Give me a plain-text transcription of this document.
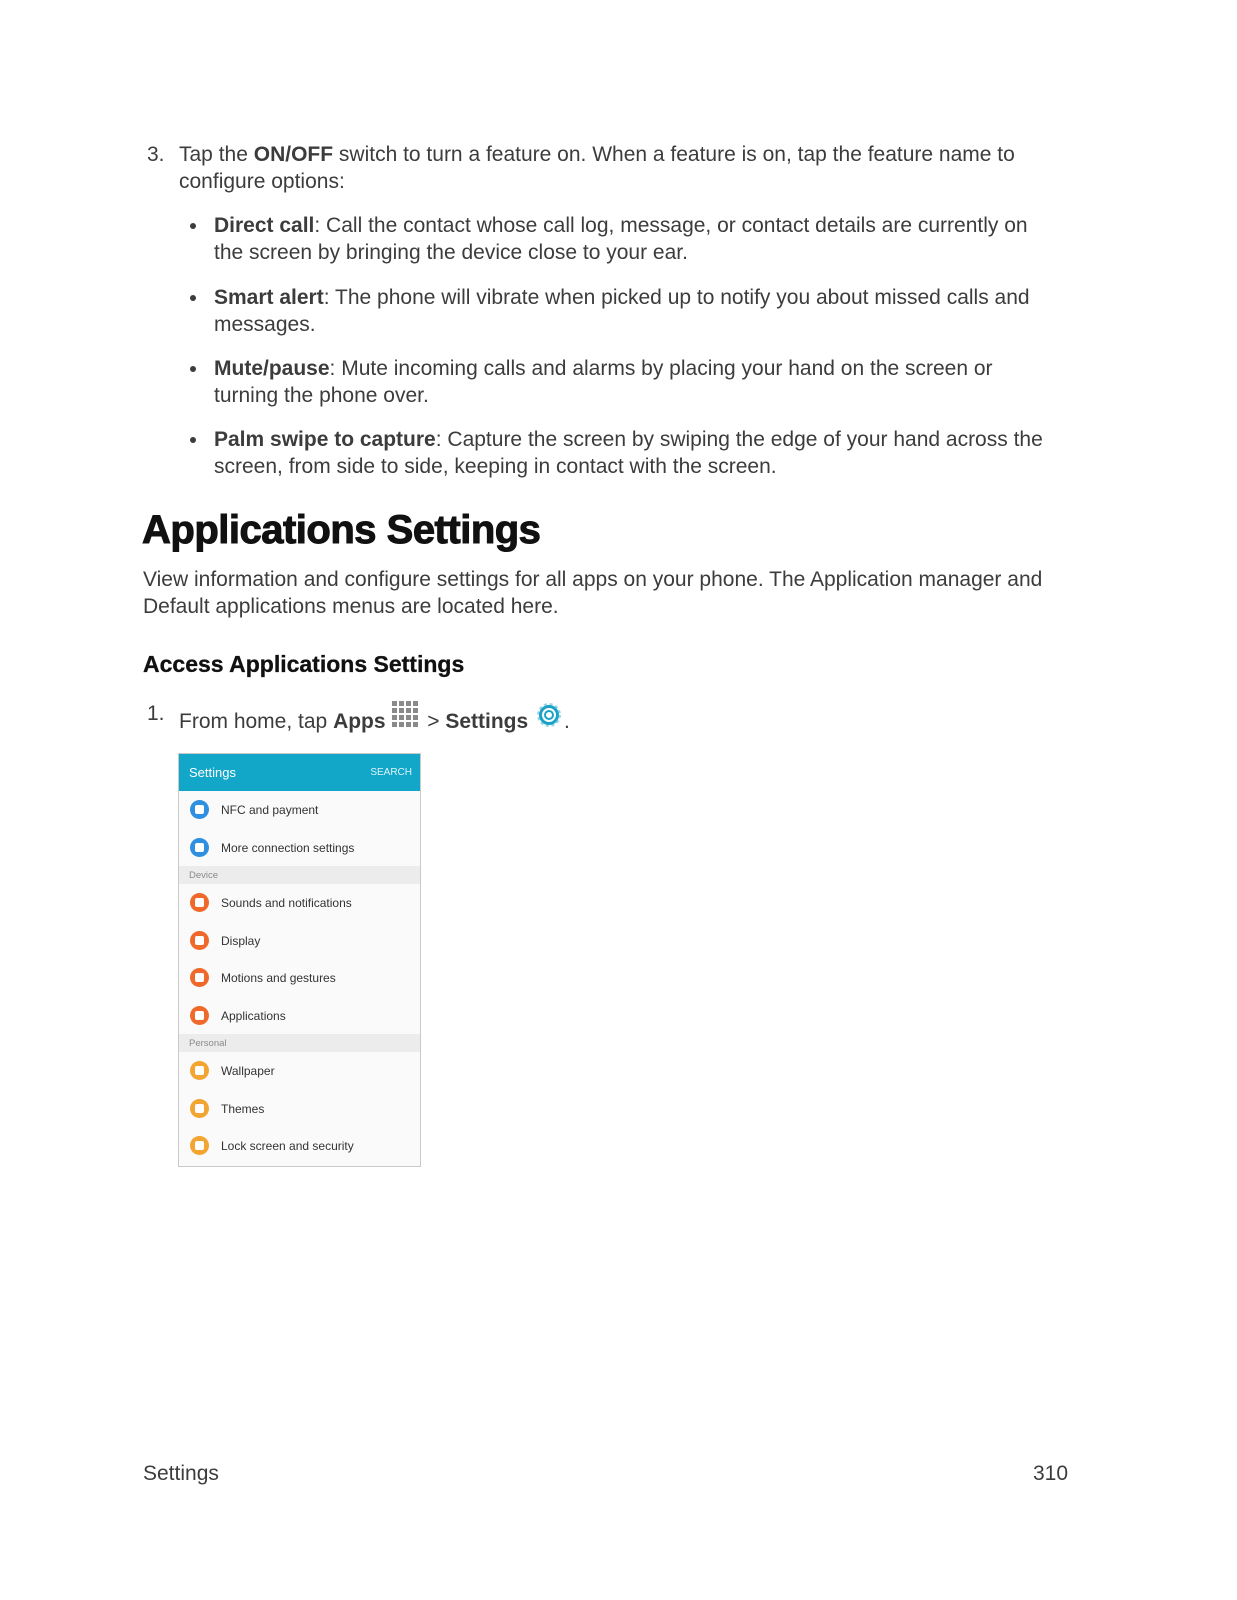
3. Tap the ON/OFF switch to turn a feature on. When a feature is on, tap the feature name to configure options:
Direct call: Call the contact whose call log, message, or contact details are currently on the screen by bringing the device close to your ear.
Smart alert: The phone will vibrate when picked up to notify you about missed calls and messages.
Mute/pause: Mute incoming calls and alarms by placing your hand on the screen or turning the phone over.
Palm swipe to capture: Capture the screen by swiping the edge of your hand across the screen, from side to side, keeping in contact with the screen.
Applications Settings
View information and configure settings for all apps on your phone. The Application manager and Default applications menus are located here.
Access Applications Settings
1. From home, tap Apps  > Settings .
Settings	SEARCH
NFC and payment
More connection settings
Device
Sounds and notifications
Display
Motions and gestures
Applications
Personal
Wallpaper
Themes
Lock screen and security
Settings	310
